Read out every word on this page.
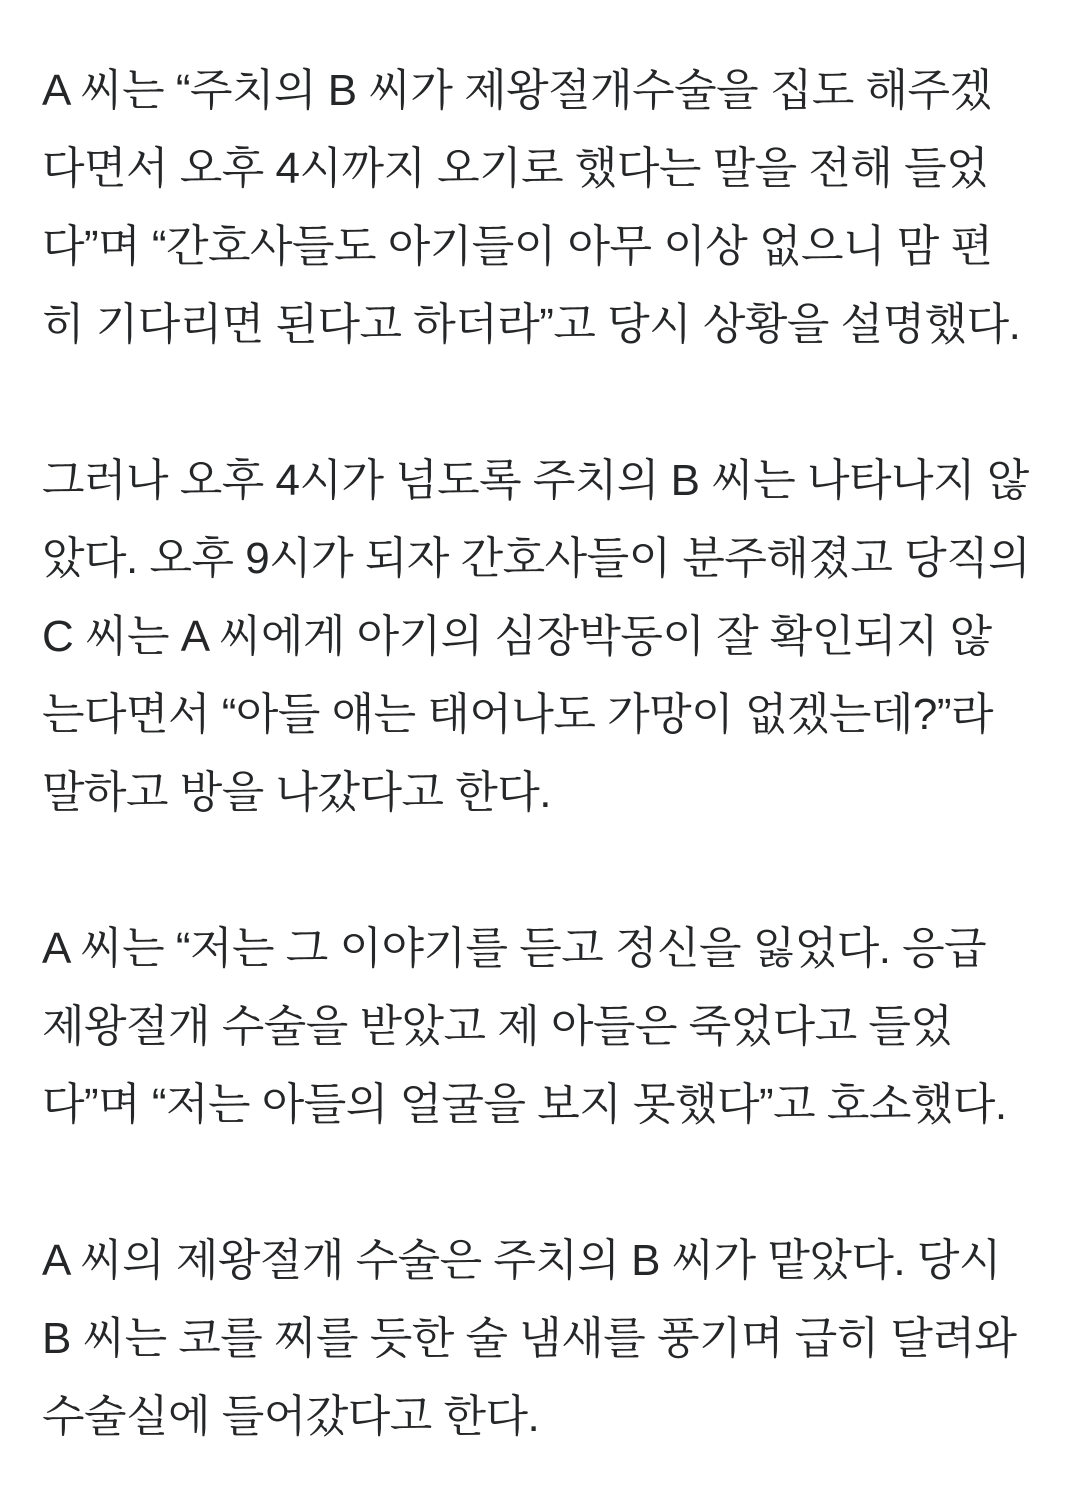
A 씨는 “주치의 B 씨가 제왕절개수술을 집도 해주겠
다면서 오후 4시까지 오기로 했다는 말을 전해 들었
다”며 “간호사들도 아기들이 아무 이상 없으니 맘 편
히 기다리면 된다고 하더라”고 당시 상황을 설명했다.

그러나 오후 4시가 넘도록 주치의 B 씨는 나타나지 않
았다. 오후 9시가 되자 간호사들이 분주해졌고 당직의
C 씨는 A 씨에게 아기의 심장박동이 잘 확인되지 않
는다면서 “아들 얘는 태어나도 가망이 없겠는데?”라
말하고 방을 나갔다고 한다.

A 씨는 “저는 그 이야기를 듣고 정신을 잃었다. 응급
제왕절개 수술을 받았고 제 아들은 죽었다고 들었
다”며 “저는 아들의 얼굴을 보지 못했다”고 호소했다.

A 씨의 제왕절개 수술은 주치의 B 씨가 맡았다. 당시
B 씨는 코를 찌를 듯한 술 냄새를 풍기며 급히 달려와
수술실에 들어갔다고 한다.
